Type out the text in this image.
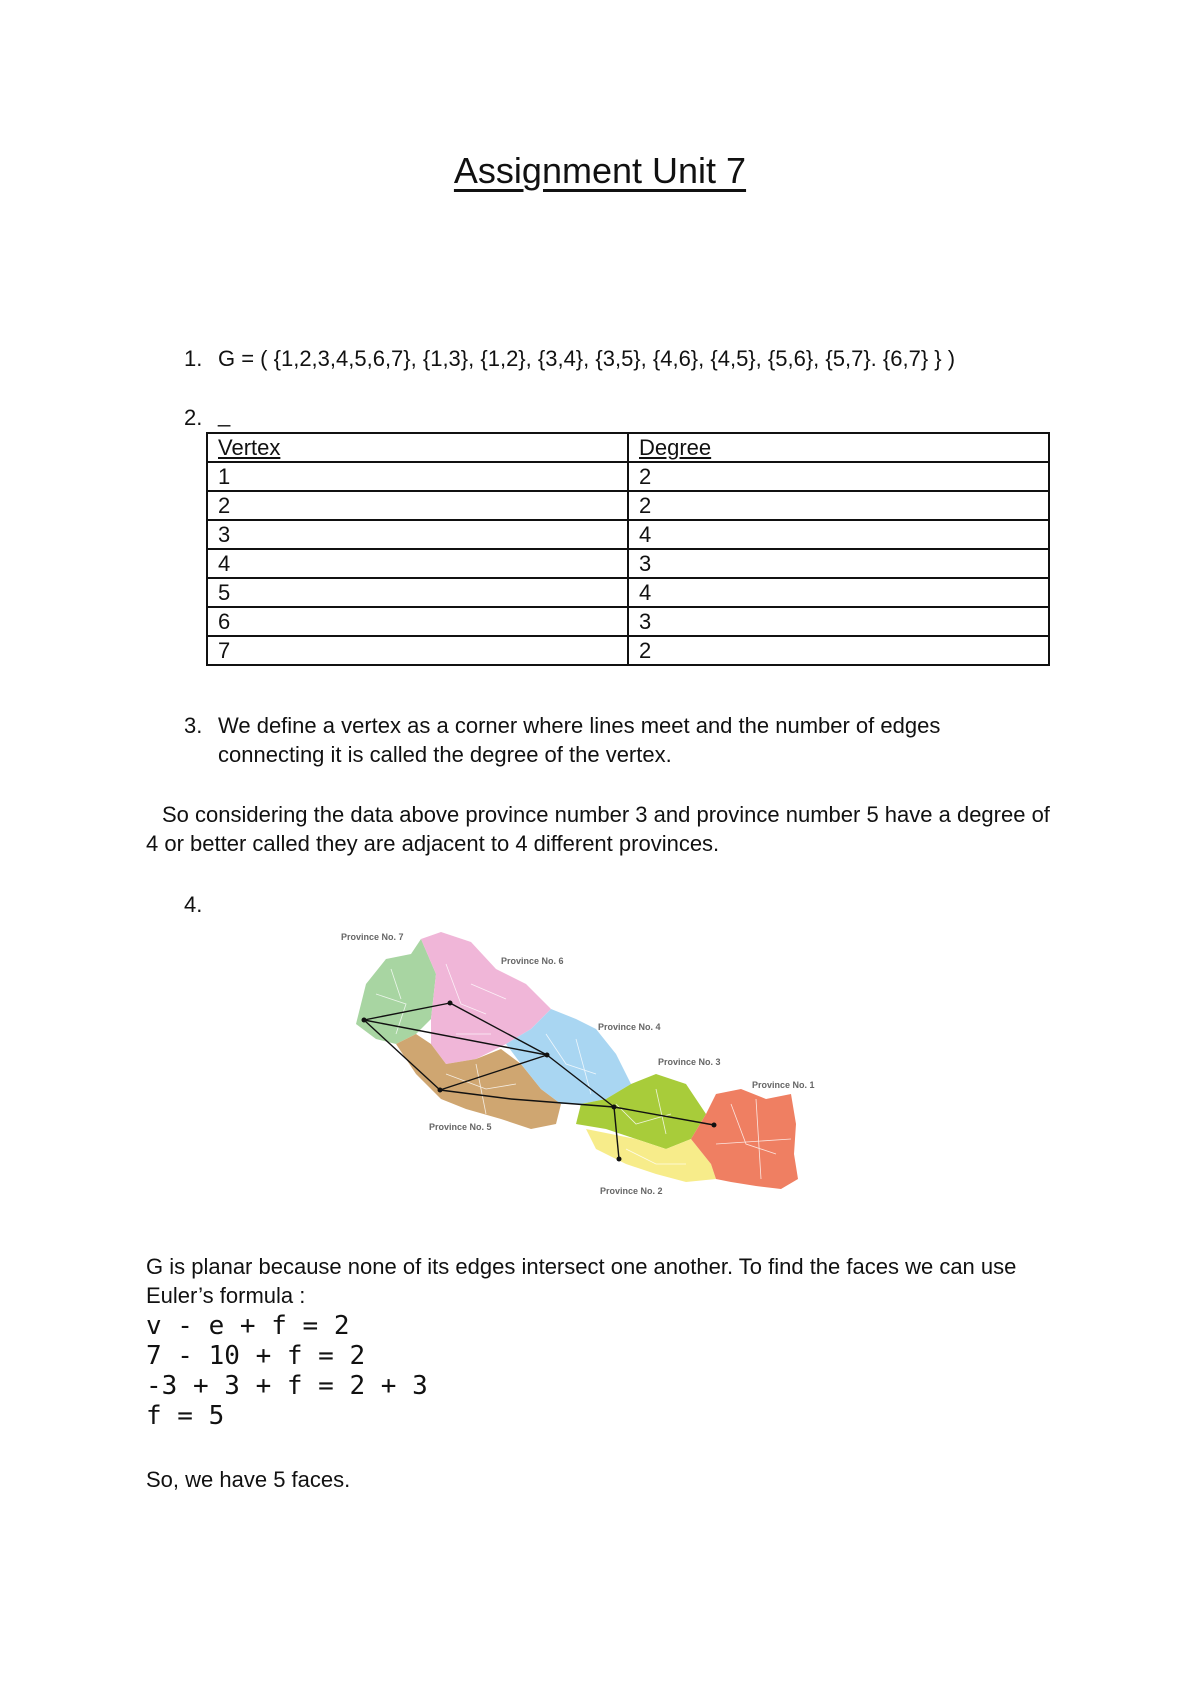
Assignment Unit 7
1. G = ( {1,2,3,4,5,6,7}, {1,3}, {1,2}, {3,4}, {3,5}, {4,6}, {4,5}, {5,6}, {5,7}. {6,7} } )
2. _
Vertex	Degree
1	2
2	2
3	4
4	3
5	4
6	3
7	2
3. We define a vertex as a corner where lines meet and the number of edges
connecting it is called the degree of the vertex.
So considering the data above province number 3 and province number 5 have a degree of
4 or better called they are adjacent to 4 different provinces.
4.
Province No. 7
Province No. 6
Province No. 4
Province No. 3
Province No. 1
Province No. 5
Province No. 2
G is planar because none of its edges intersect one another. To find the faces we can use
Euler’s formula :
v - e + f = 2
7 - 10 + f = 2
-3 + 3 + f = 2 + 3
f = 5
So, we have 5 faces.
